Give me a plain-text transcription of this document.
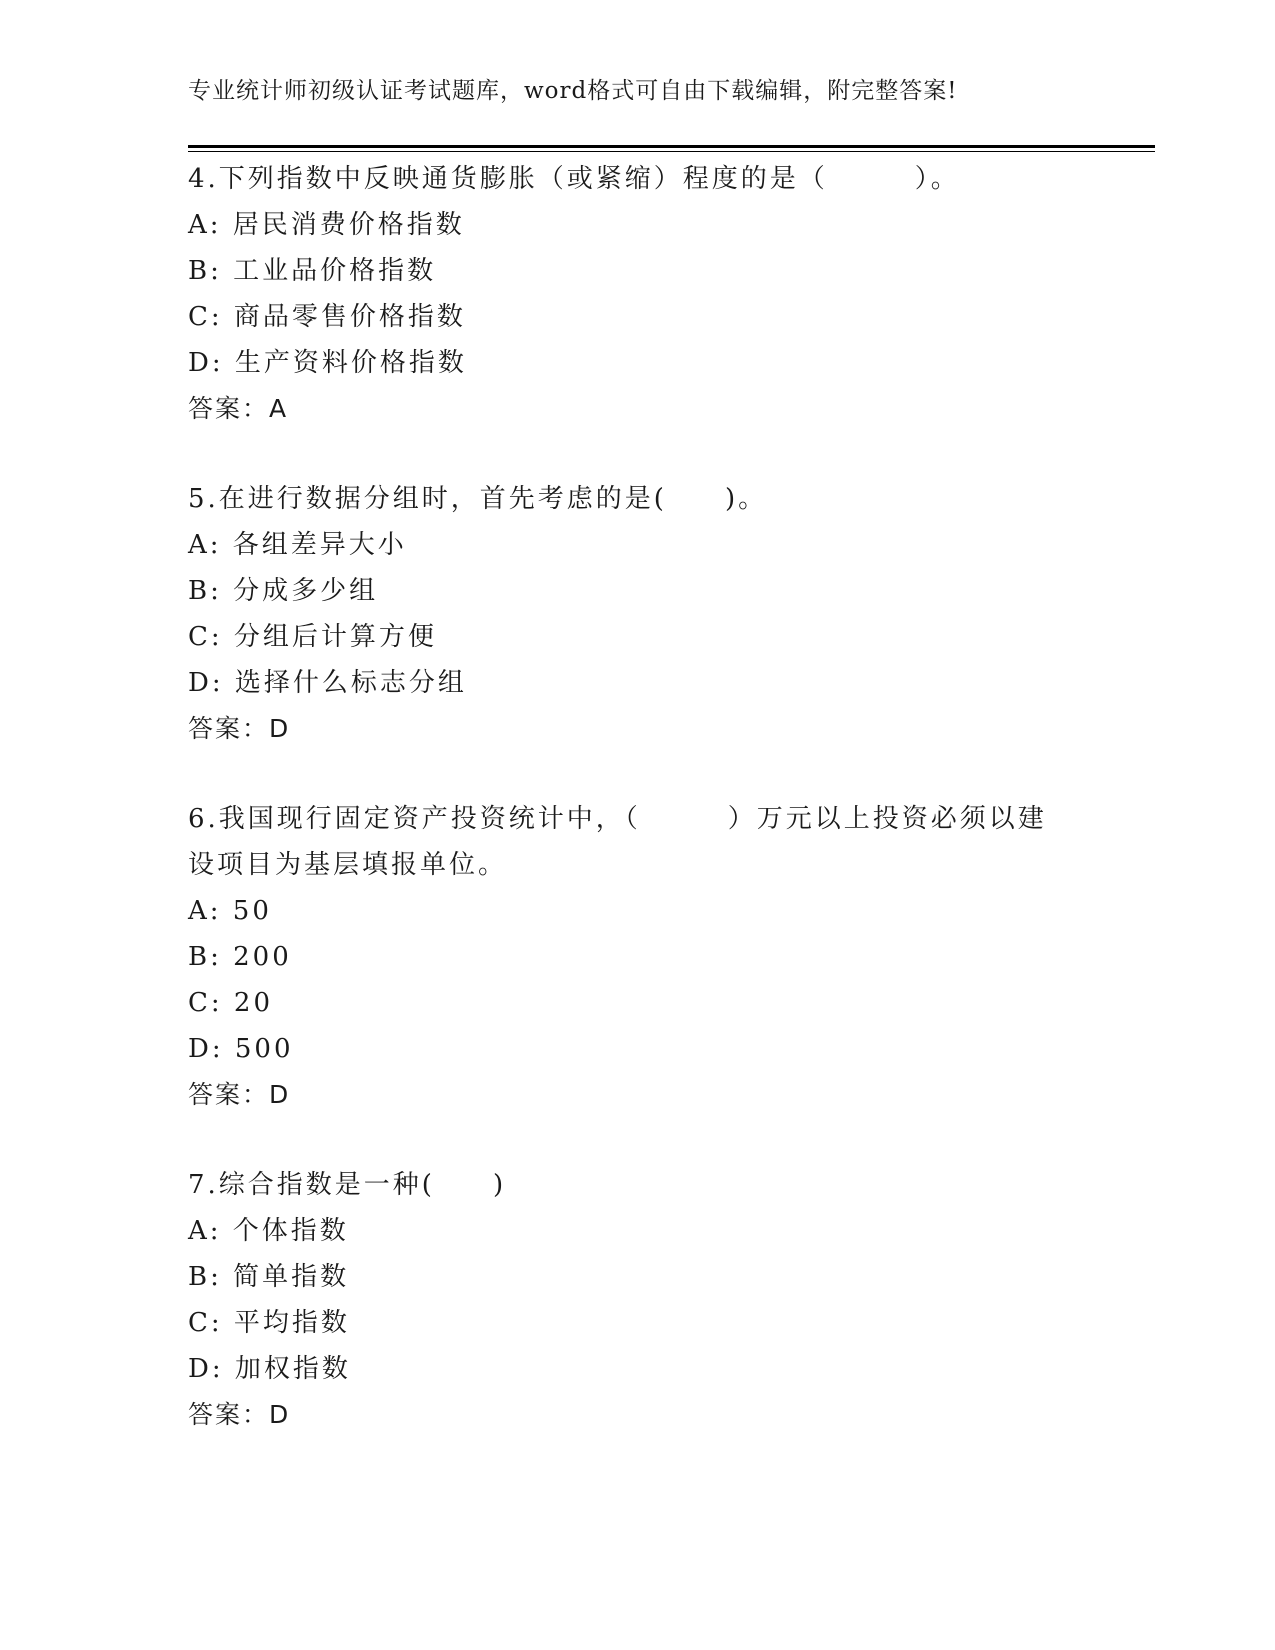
专业统计师初级认证考试题库，word格式可自由下载编辑，附完整答案!
4.下列指数中反映通货膨胀（或紧缩）程度的是（　　　）。
A: 居民消费价格指数
B: 工业品价格指数
C: 商品零售价格指数
D: 生产资料价格指数
答案：A
5.在进行数据分组时，首先考虑的是(　　)。
A: 各组差异大小
B: 分成多少组
C: 分组后计算方便
D: 选择什么标志分组
答案：D
6.我国现行固定资产投资统计中，（　　　）万元以上投资必须以建
设项目为基层填报单位。
A: 50
B: 200
C: 20
D: 500
答案：D
7.综合指数是一种(　　)
A: 个体指数
B: 简单指数
C: 平均指数
D: 加权指数
答案：D
